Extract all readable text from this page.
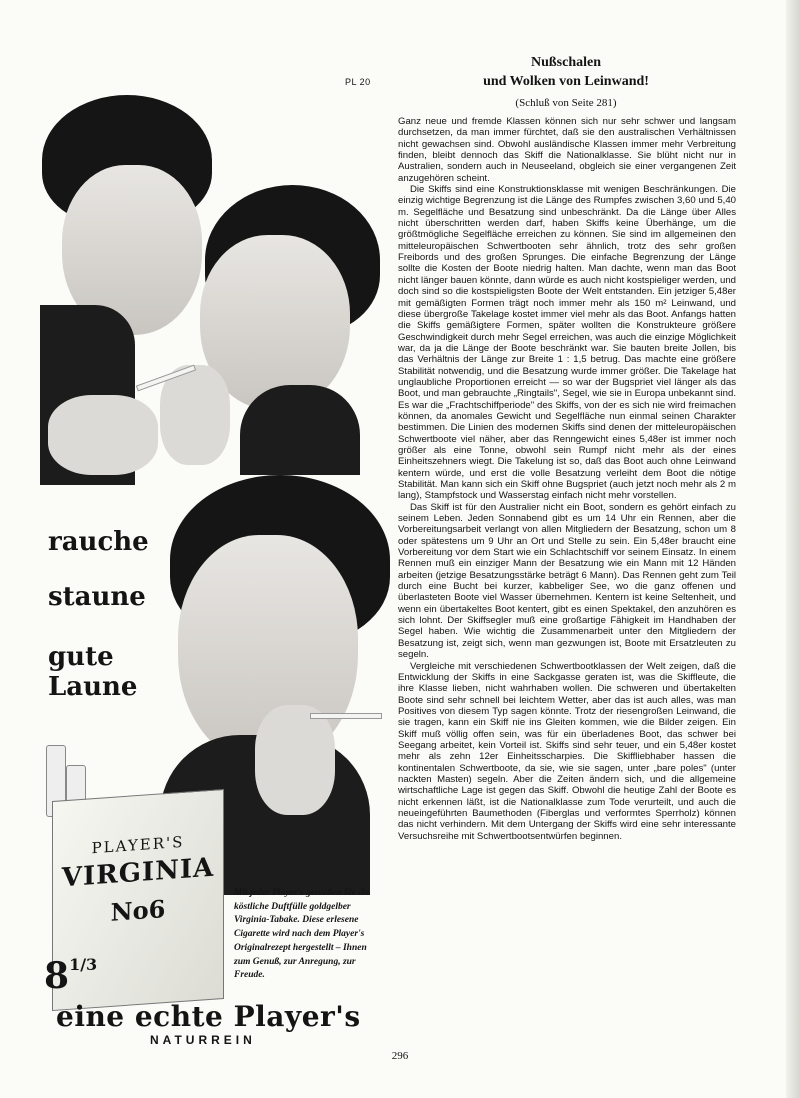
PL 20
rauche
staune
gute
Laune
PLAYER'S
VIRGINIA
No6
$8^{1/3}$
Mit jeder Player's genießen Sie die köstliche Duftfülle goldgelber Virginia-Tabake. Diese erlesene Cigarette wird nach dem Player's Originalrezept hergestellt – Ihnen zum Genuß, zur Anregung, zur Freude.
eine echte Player's
NATURREIN
Nußschalen
und Wolken von Leinwand!
(Schluß von Seite 281)

Ganz neue und fremde Klassen können sich nur sehr schwer und langsam durchsetzen, da man immer fürchtet, daß sie den australischen Verhältnissen nicht gewachsen sind. Obwohl ausländische Klassen immer mehr Verbreitung finden, bleibt dennoch das Skiff die Nationalklasse. Sie blüht nicht nur in Australien, sondern auch in Neuseeland, obgleich sie einer vergangenen Zeit anzugehören scheint.

Die Skiffs sind eine Konstruktionsklasse mit wenigen Beschränkungen. Die einzig wichtige Begrenzung ist die Länge des Rumpfes zwischen 3,60 und 5,40 m. Segelfläche und Besatzung sind unbeschränkt. Da die Länge über Alles nicht überschritten werden darf, haben Skiffs keine Überhänge, um die größtmögliche Segelfläche erreichen zu können. Sie sind im allgemeinen den mitteleuropäischen Schwertbooten sehr ähnlich, trotz des sehr großen Freibords und des großen Sprunges. Die einfache Begrenzung der Länge sollte die Kosten der Boote niedrig halten. Man dachte, wenn man das Boot nicht länger bauen könnte, dann würde es auch nicht kostspieliger werden, und doch sind so die kostspieligsten Boote der Welt entstanden. Ein jetziger 5,48er mit gemäßigten Formen trägt noch immer mehr als 150 m² Leinwand, und diese übergroße Takelage kostet immer viel mehr als das Boot. Anfangs hatten die Skiffs gemäßigtere Formen, später wollten die Konstrukteure größere Geschwindigkeit durch mehr Segel erreichen, was auch die einzige Möglichkeit war, da ja die Länge der Boote beschränkt war. Sie bauten breite Jollen, bis das Verhältnis der Länge zur Breite 1 : 1,5 betrug. Das machte eine größere Stabilität notwendig, und die Besatzung wurde immer größer. Die Takelage hat unglaubliche Proportionen erreicht — so war der Bugspriet viel länger als das Boot, und man gebrauchte „Ringtails", Segel, wie sie in Europa unbekannt sind. Es war die „Frachtschiffperiode" des Skiffs, von der es sich nie wird freimachen können, da anomales Gewicht und Segelfläche nun einmal seinen Charakter bestimmen. Die Linien des modernen Skiffs sind denen der mitteleuropäischen Schwertboote viel näher, aber das Renngewicht eines 5,48er ist immer noch größer als eine Tonne, obwohl sein Rumpf nicht mehr als der eines Einheitszehners wiegt. Die Takelung ist so, daß das Boot auch ohne Leinwand kentern würde, und erst die volle Besatzung verleiht dem Boot die nötige Stabilität. Man kann sich ein Skiff ohne Bugspriet (auch jetzt noch mehr als 2 m lang), Stampfstock und Wasserstag einfach nicht mehr vorstellen.

Das Skiff ist für den Australier nicht ein Boot, sondern es gehört einfach zu seinem Leben. Jeden Sonnabend gibt es um 14 Uhr ein Rennen, aber die Vorbereitungsarbeit verlangt von allen Mitgliedern der Besatzung, schon um 8 oder spätestens um 9 Uhr an Ort und Stelle zu sein. Ein 5,48er braucht eine Vorbereitung vor dem Start wie ein Schlachtschiff vor seinem Einsatz. In einem Rennen muß ein einziger Mann der Besatzung wie ein Mann mit 12 Händen arbeiten (jetzige Besatzungsstärke beträgt 6 Mann). Das Rennen geht zum Teil durch eine Bucht bei kurzer, kabbeliger See, wo die ganz offenen und überlasteten Boote viel Wasser übernehmen. Kentern ist keine Seltenheit, und wenn ein übertakeltes Boot kentert, gibt es einen Spektakel, den anzuhören es sich lohnt. Der Skiffsegler muß eine großartige Fähigkeit im Handhaben der Segel haben. Wie wichtig die Zusammenarbeit unter den Mitgliedern der Besatzung ist, zeigt sich, wenn man gezwungen ist, Boote mit Ersatzleuten zu segeln.

Vergleiche mit verschiedenen Schwertbootklassen der Welt zeigen, daß die Entwicklung der Skiffs in eine Sackgasse geraten ist, was die Skiffleute, die ihre Klasse lieben, nicht wahrhaben wollen. Die schweren und übertakelten Boote sind sehr schnell bei leichtem Wetter, aber das ist auch alles, was man Positives von diesem Typ sagen könnte. Trotz der riesengroßen Leinwand, die sie tragen, kann ein Skiff nie ins Gleiten kommen, wie die Bilder zeigen. Ein Skiff muß völlig offen sein, was für ein überladenes Boot, das schwer bei Seegang arbeitet, kein Vorteil ist. Skiffs sind sehr teuer, und ein 5,48er kostet mehr als zehn 12er Einheitsscharpies. Die Skiffliebhaber hassen die kontinentalen Schwertboote, da sie, wie sie sagen, unter „bare poles" (unter nackten Masten) segeln. Aber die Zeiten ändern sich, und die allgemeine wirtschaftliche Lage ist gegen das Skiff. Obwohl die heutige Zahl der Boote es nicht erkennen läßt, ist die Nationalklasse zum Tode verurteilt, und auch die neueingeführten Baumethoden (Fiberglas und verformtes Sperrholz) können das nicht verhindern. Mit dem Untergang der Skiffs wird eine sehr interessante Versuchsreihe mit Schwertbootsentwürfen beginnen.

296
